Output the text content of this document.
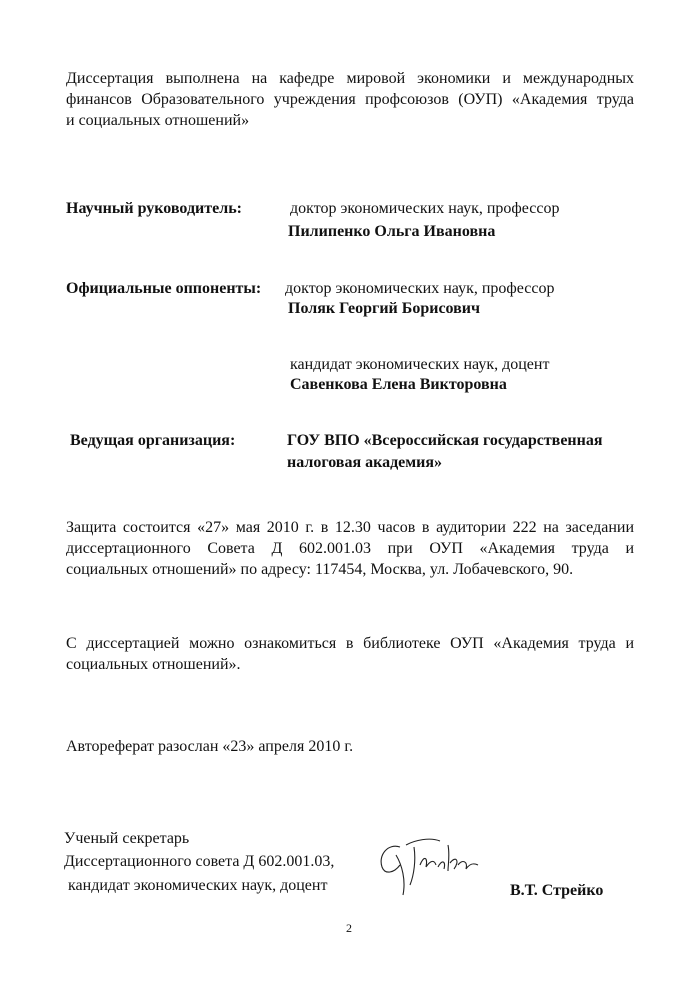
Диссертация выполнена на кафедре мировой экономики и международных
финансов Образовательного учреждения профсоюзов (ОУП) «Академия труда
и социальных отношений»
Научный руководитель:	доктор экономических наук, профессор
Пилипенко Ольга Ивановна
Официальные оппоненты: доктор экономических наук, профессор
Поляк Георгий Борисович
кандидат экономических наук, доцент
Савенкова Елена Викторовна
Ведущая организация:	ГОУ ВПО «Всероссийская государственная
налоговая академия»
Защита состоится «27» мая 2010 г. в 12.30 часов в аудитории 222 на заседании
диссертационного Совета Д 602.001.03 при ОУП «Академия труда и
социальных отношений» по адресу: 117454, Москва, ул. Лобачевского, 90.
С диссертацией можно ознакомиться в библиотеке ОУП «Академия труда и
социальных отношений».
Автореферат разослан «23» апреля 2010 г.
Ученый секретарь
Диссертационного совета Д 602.001.03,
кандидат экономических наук, доцент	В.Т. Стрейко
2
